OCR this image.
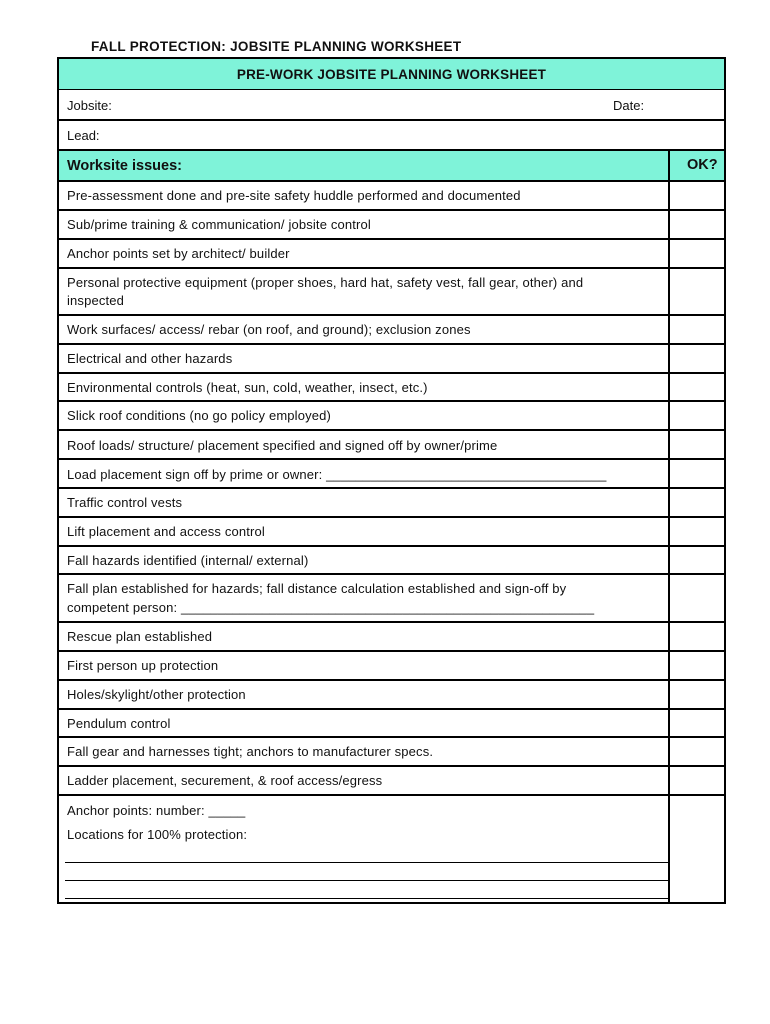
FALL PROTECTION: JOBSITE PLANNING WORKSHEET
PRE-WORK JOBSITE PLANNING WORKSHEET
Jobsite:	Date:
Lead:
Worksite issues:	OK?
Pre-assessment done and pre-site safety huddle performed and documented
Sub/prime training & communication/ jobsite control
Anchor points set by architect/ builder
Personal protective equipment (proper shoes, hard hat, safety vest, fall gear, other) and
inspected
Work surfaces/ access/ rebar (on roof, and ground); exclusion zones
Electrical and other hazards
Environmental controls (heat, sun, cold, weather, insect, etc.)
Slick roof conditions (no go policy employed)
Roof loads/ structure/ placement specified and signed off by owner/prime
Load placement sign off by prime or owner: ______________________________________
Traffic control vests
Lift placement and access control
Fall hazards identified (internal/ external)
Fall plan established for hazards; fall distance calculation established and sign-off by
competent person: ________________________________________________________
Rescue plan established
First person up protection
Holes/skylight/other protection
Pendulum control
Fall gear and harnesses tight; anchors to manufacturer specs.
Ladder placement, securement, & roof access/egress
Anchor points: number: _____
Locations for 100% protection:
